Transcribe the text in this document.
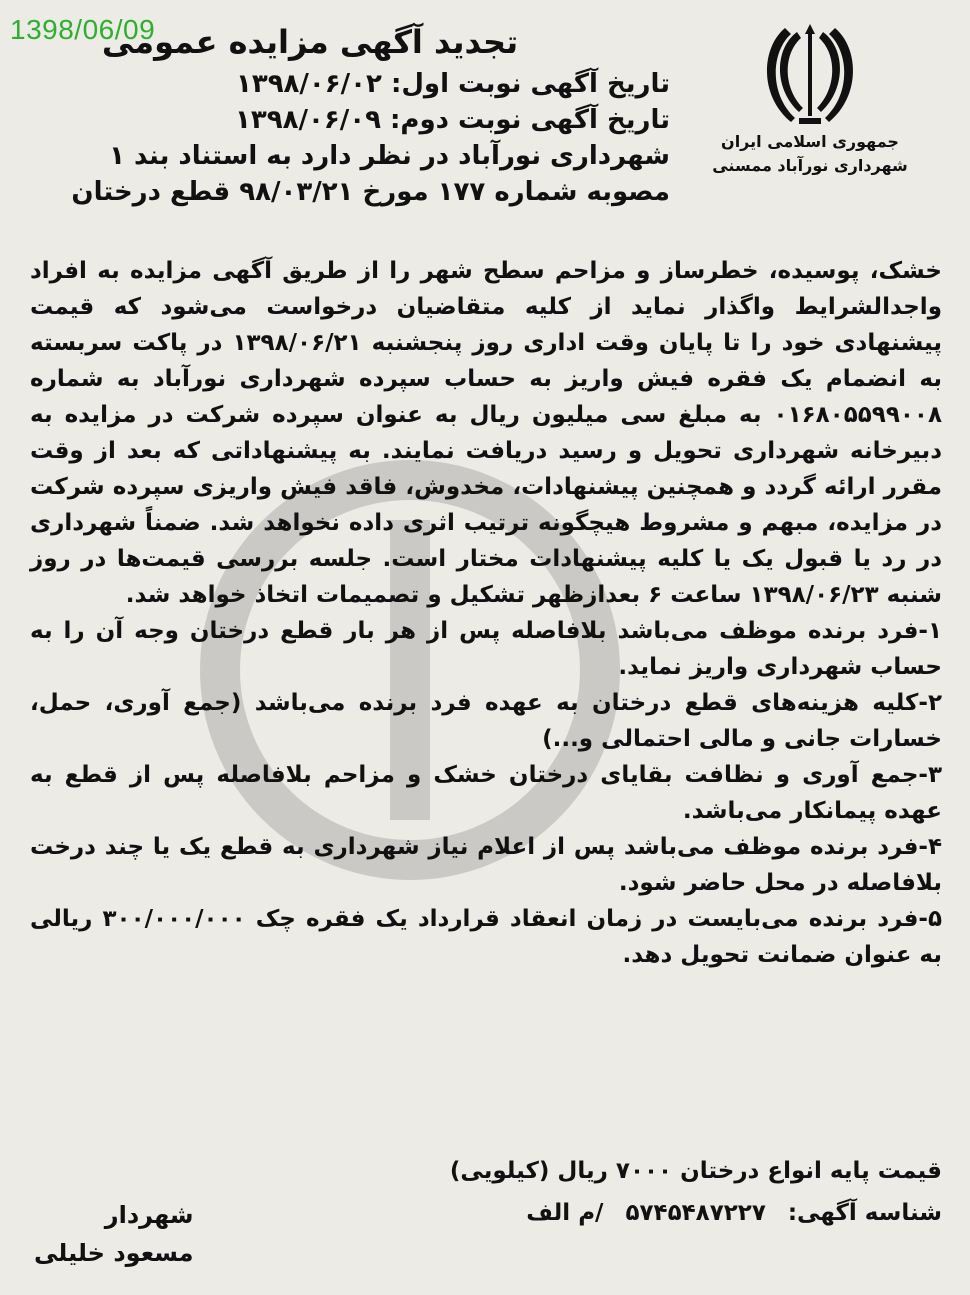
1398/06/09
جمهوری اسلامی ایران
شهرداری نورآباد ممسنی
تجدید آگهی مزایده عمومی
تاریخ آگهی نوبت اول: ۱۳۹۸/۰۶/۰۲
تاریخ آگهی نوبت دوم: ۱۳۹۸/۰۶/۰۹
شهرداری نورآباد در نظر دارد به استناد بند ۱
مصوبه شماره ۱۷۷ مورخ ۹۸/۰۳/۲۱ قطع درختان

خشک، پوسیده، خطرساز و مزاحم سطح شهر را از طریق آگهی مزایده به افراد واجدالشرایط واگذار نماید از کلیه متقاضیان درخواست می‌شود که قیمت پیشنهادی خود را تا پایان وقت اداری روز پنجشنبه ۱۳۹۸/۰۶/۲۱ در پاکت سربسته به انضمام یک فقره فیش واریز به حساب سپرده شهرداری نورآباد به شماره ۰۱۶۸۰۵۵۹۹۰۰۸ به مبلغ سی میلیون ریال به عنوان سپرده شرکت در مزایده به دبیرخانه شهرداری تحویل و رسید دریافت نمایند. به پیشنهاداتی که بعد از وقت مقرر ارائه گردد و همچنین پیشنهادات، مخدوش، فاقد فیش واریزی سپرده شرکت در مزایده، مبهم و مشروط هیچگونه ترتیب اثری داده نخواهد شد. ضمناً شهرداری در رد یا قبول یک یا کلیه پیشنهادات مختار است. جلسه بررسی قیمت‌ها در روز شنبه ۱۳۹۸/۰۶/۲۳ ساعت ۶ بعدازظهر تشکیل و تصمیمات اتخاذ خواهد شد.

۱-فرد برنده موظف می‌باشد بلافاصله پس از هر بار قطع درختان وجه آن را به حساب شهرداری واریز نماید.

۲-کلیه هزینه‌های قطع درختان به عهده فرد برنده می‌باشد (جمع آوری، حمل، خسارات جانی و مالی احتمالی و...)

۳-جمع آوری و نظافت بقایای درختان خشک و مزاحم بلافاصله پس از قطع به عهده پیمانکار می‌باشد.

۴-فرد برنده موظف می‌باشد پس از اعلام نیاز شهرداری به قطع یک یا چند درخت بلافاصله در محل حاضر شود.

۵-فرد برنده می‌بایست در زمان انعقاد قرارداد یک فقره چک ۳۰۰/۰۰۰/۰۰۰ ریالی به عنوان ضمانت تحویل دهد.

قیمت پایه انواع درختان ۷۰۰۰ ریال (کیلویی)
شناسه آگهی:۵۷۴۵۴۸۷۲۲۷/م الف
شهردار
مسعود خلیلی
